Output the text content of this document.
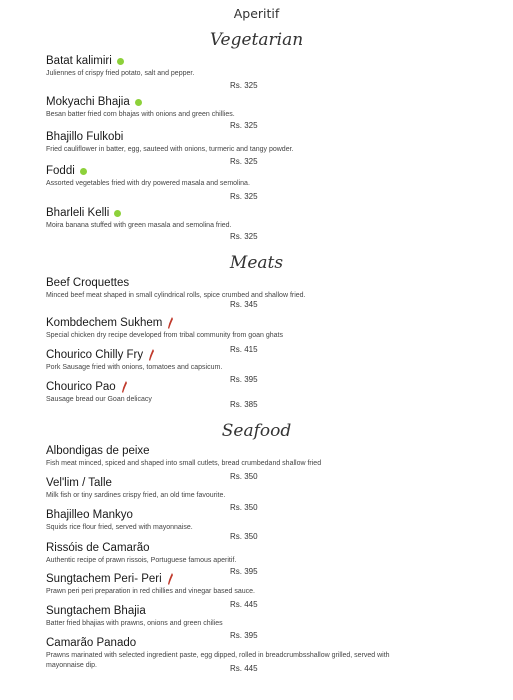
Aperitif
Vegetarian
Batat kalimiri
Juliennes of crispy fried potato, salt and pepper.
Rs. 325
Mokyachi Bhajia
Besan batter fried corn bhajas with onions and green chillies.
Rs. 325
Bhajillo Fulkobi
Fried cauliflower in batter, egg, sauteed with onions, turmeric and tangy powder.
Rs. 325
Foddi
Assorted vegetables fried with dry powered masala and semolina.
Rs. 325
Bharleli Kelli
Moira banana stuffed with green masala and semolina fried.
Rs. 325
Meats
Beef Croquettes
Minced beef meat shaped in small cylindrical rolls, spice crumbed and shallow fried.
Rs. 345
Kombdechem Sukhem
Special chicken dry recipe developed from tribal community from goan ghats
Rs. 415
Chourico Chilly Fry
Pork Sausage fried with onions, tomatoes and capsicum.
Rs. 395
Chourico Pao
Sausage bread our Goan delicacy
Rs. 385
Seafood
Albondigas de peixe
Fish meat minced, spiced and shaped into small cutlets, bread crumbedand shallow fried
Rs. 350
Vel'lim / Talle
Milk fish or tiny sardines crispy fried, an old time favourite.
Rs. 350
Bhajilleo Mankyo
Squids rice flour fried, served with mayonnaise.
Rs. 350
Rissóis de Camarão
Authentic recipe of prawn rissois, Portuguese famous aperitif.
Rs. 395
Sungtachem Peri- Peri
Prawn peri peri preparation in red chillies and vinegar based sauce.
Rs. 445
Sungtachem Bhajia
Batter fried bhajias with prawns, onions and green chilies
Rs. 395
Camarão Panado
Prawns marinated with selected ingredient paste, egg dipped, rolled in breadcrumbsshallow grilled, served with mayonnaise dip.	Rs. 445
